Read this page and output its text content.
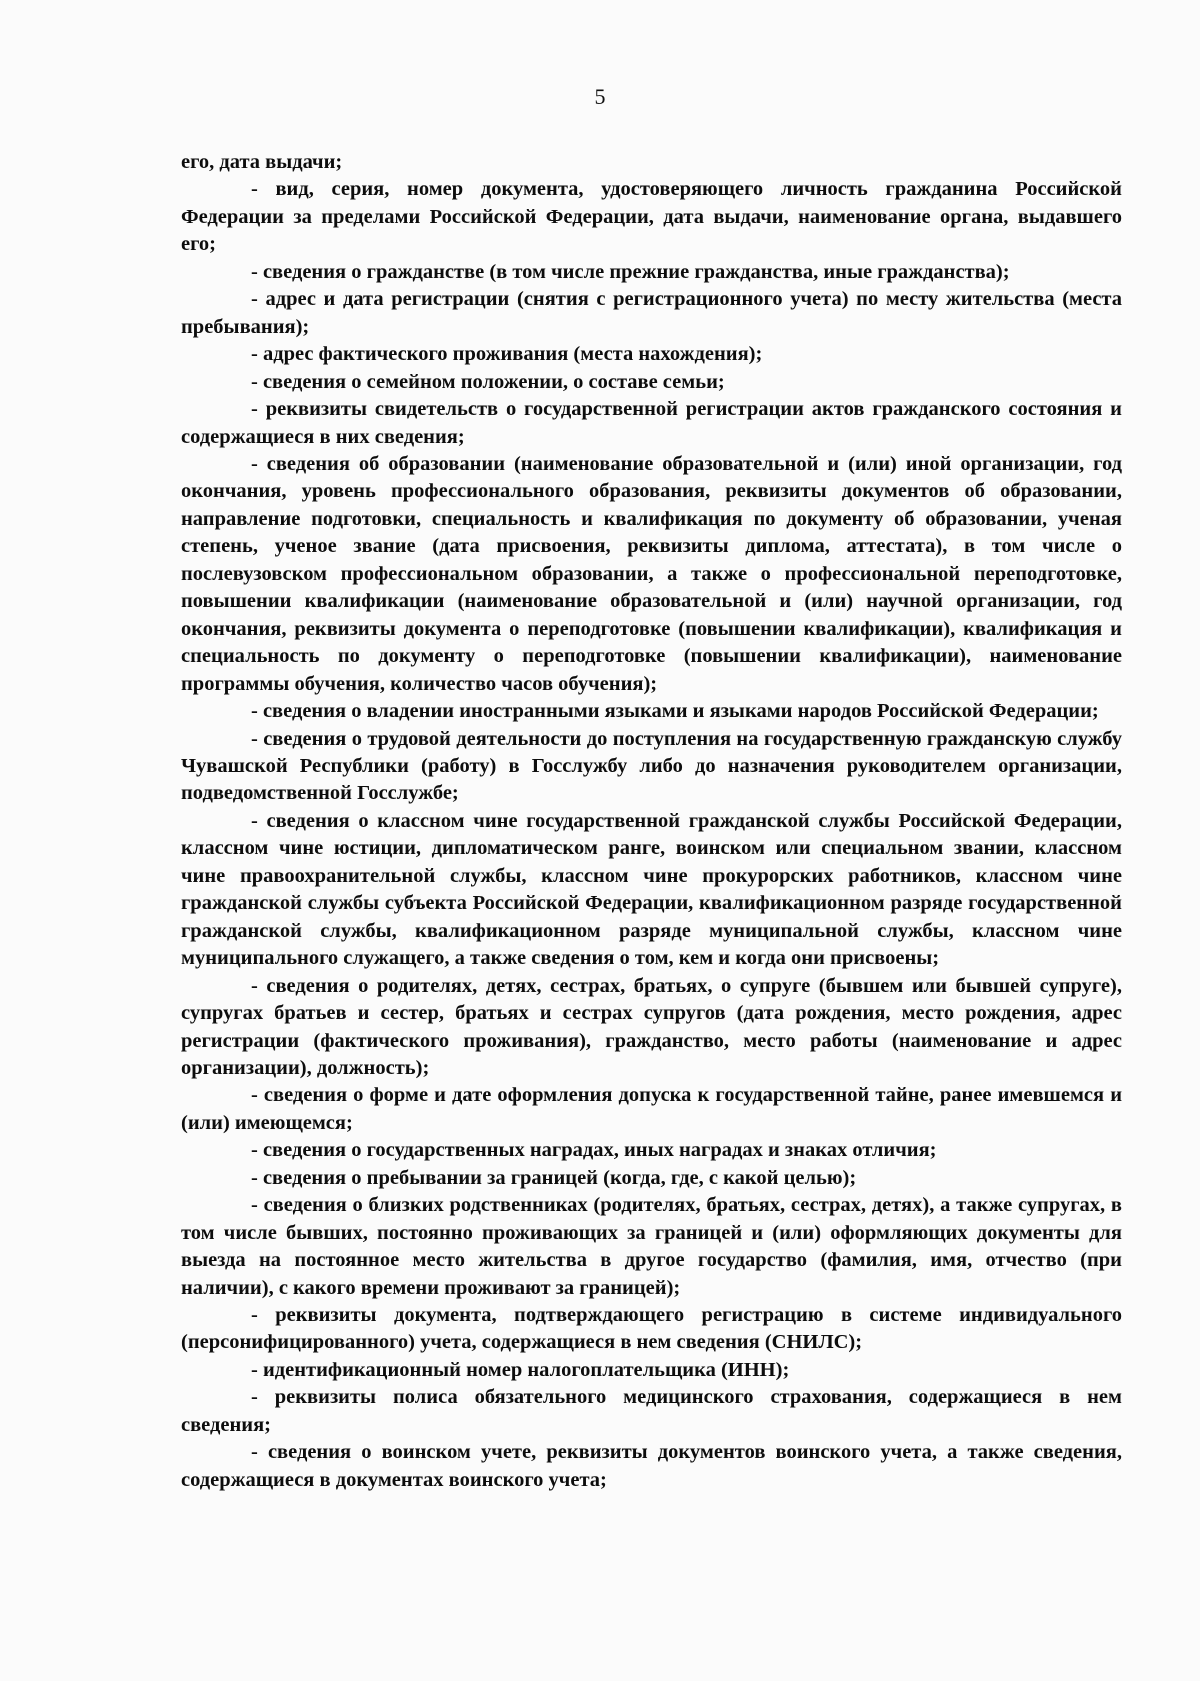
5

его, дата выдачи;

- вид, серия, номер документа, удостоверяющего личность гражданина Российской Федерации за пределами Российской Федерации, дата выдачи, наименование органа, выдавшего его;

- сведения о гражданстве (в том числе прежние гражданства, иные гражданства);

- адрес и дата регистрации (снятия с регистрационного учета) по месту жительства (места пребывания);

- адрес фактического проживания (места нахождения);

- сведения о семейном положении, о составе семьи;

- реквизиты свидетельств о государственной регистрации актов гражданского состояния и содержащиеся в них сведения;

- сведения об образовании (наименование образовательной и (или) иной организации, год окончания, уровень профессионального образования, реквизиты документов об образовании, направление подготовки, специальность и квалификация по документу об образовании, ученая степень, ученое звание (дата присвоения, реквизиты диплома, аттестата), в том числе о послевузовском профессиональном образовании, а также о профессиональной переподготовке, повышении квалификации (наименование образовательной и (или) научной организации, год окончания, реквизиты документа о переподготовке (повышении квалификации), квалификация и специальность по документу о переподготовке (повышении квалификации), наименование программы обучения, количество часов обучения);

- сведения о владении иностранными языками и языками народов Российской Федерации;

- сведения о трудовой деятельности до поступления на государственную гражданскую службу Чувашской Республики (работу) в Госслужбу либо до назначения руководителем организации, подведомственной Госслужбе;

- сведения о классном чине государственной гражданской службы Российской Федерации, классном чине юстиции, дипломатическом ранге, воинском или специальном звании, классном чине правоохранительной службы, классном чине прокурорских работников, классном чине гражданской службы субъекта Российской Федерации, квалификационном разряде государственной гражданской службы, квалификационном разряде муниципальной службы, классном чине муниципального служащего, а также сведения о том, кем и когда они присвоены;

- сведения о родителях, детях, сестрах, братьях, о супруге (бывшем или бывшей супруге), супругах братьев и сестер, братьях и сестрах супругов (дата рождения, место рождения, адрес регистрации (фактического проживания), гражданство, место работы (наименование и адрес организации), должность);

- сведения о форме и дате оформления допуска к государственной тайне, ранее имевшемся и (или) имеющемся;

- сведения о государственных наградах, иных наградах и знаках отличия;

- сведения о пребывании за границей (когда, где, с какой целью);

- сведения о близких родственниках (родителях, братьях, сестрах, детях), а также супругах, в том числе бывших, постоянно проживающих за границей и (или) оформляющих документы для выезда на постоянное место жительства в другое государство (фамилия, имя, отчество (при наличии), с какого времени проживают за границей);

- реквизиты документа, подтверждающего регистрацию в системе индивидуального (персонифицированного) учета, содержащиеся в нем сведения (СНИЛС);

- идентификационный номер налогоплательщика (ИНН);

- реквизиты полиса обязательного медицинского страхования, содержащиеся в нем сведения;

- сведения о воинском учете, реквизиты документов воинского учета, а также сведения, содержащиеся в документах воинского учета;
